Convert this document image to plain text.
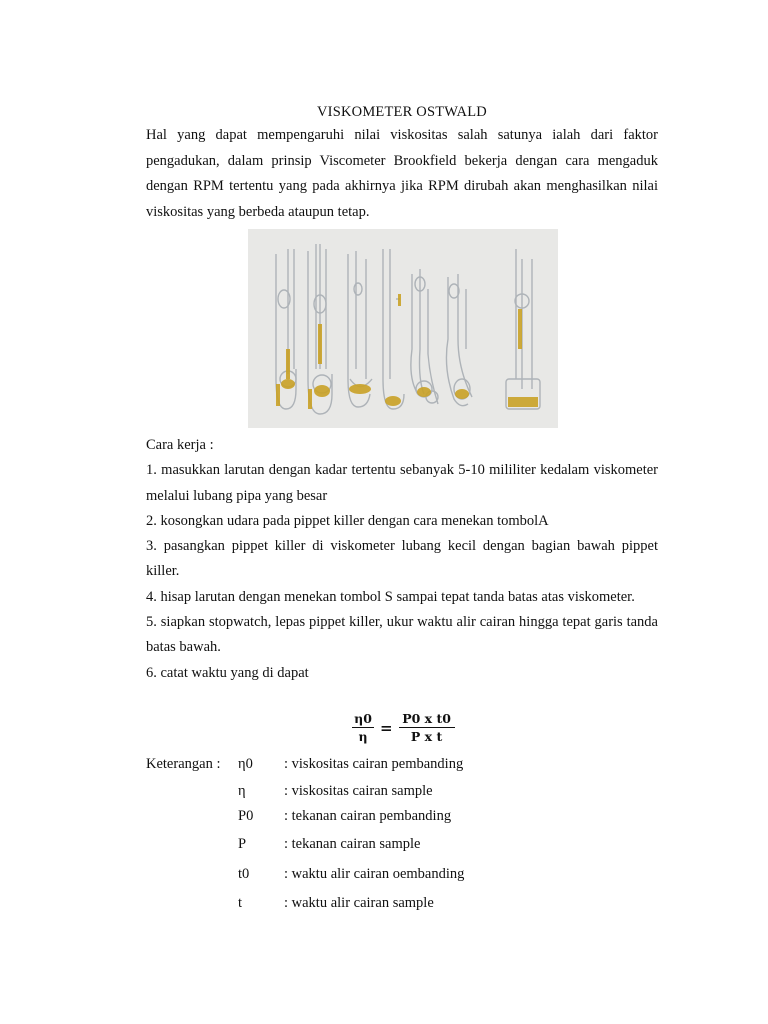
VISKOMETER OSTWALD
Hal yang dapat mempengaruhi nilai viskositas salah satunya ialah dari faktor pengadukan, dalam prinsip Viscometer Brookfield bekerja dengan cara mengaduk dengan RPM tertentu yang pada akhirnya jika RPM dirubah akan menghasilkan nilai viskositas yang berbeda ataupun tetap.

Cara kerja :

1. masukkan larutan dengan kadar tertentu sebanyak 5-10 mililiter kedalam viskometer melalui lubang pipa yang besar

2. kosongkan udara pada pippet killer dengan cara menekan tombolA

3. pasangkan pippet killer di viskometer lubang kecil dengan bagian bawah pippet killer.

4. hisap larutan dengan menekan tombol S sampai tepat tanda batas atas viskometer.

5. siapkan stopwatch, lepas pippet killer, ukur waktu alir cairan hingga tepat garis tanda batas bawah.

6. catat waktu yang di dapat

$\frac{\eta 0}{\eta} = \frac{\text{P0 x t0}}{\text{P x t}}$
Keterangan : η0 : viskositas cairan pembanding
η	: viskositas cairan sample
P0 : tekanan cairan pembanding
P	: tekanan cairan sample
t0 : waktu alir cairan oembanding
t	: waktu alir cairan sample
